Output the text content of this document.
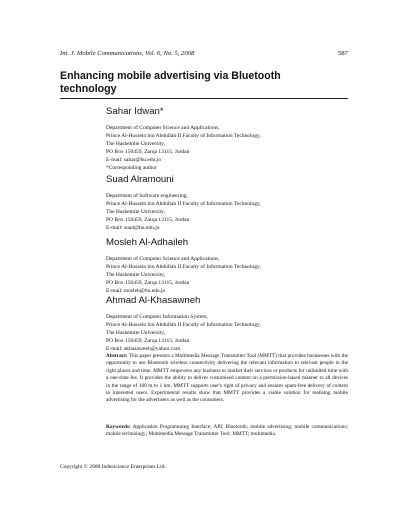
Int. J. Mobile Communications, Vol. 6, No. 5, 2008	587
Enhancing mobile advertising via Bluetooth
technology
Sahar Idwan*
Department of Computer Science and Applications,
Prince Al-Hussein bin Abdullah II Faculty of Information Technology,
The Hashemite University,
PO Box 150459, Zarqa 13115, Jordan
E-mail: sahar@hu.edu.jo
*Corresponding author
Suad Alramouni
Department of Software engineering,
Prince Al-Hussein bin Abdullah II Faculty of Information Technology,
The Hashemite University,
PO Box 150459, Zarqa 13115, Jordan
E-mail: suad@hu.edu.jo
Mosleh Al-Adhaileh
Department of Computer Science and Applications,
Prince Al-Hussein bin Abdullah II Faculty of Information Technology,
The Hashemite University,
PO Box 150459, Zarqa 13115, Jordan
E-mail: mosleh@hu.edu.jo
Ahmad Al-Khasawneh
Department of Computer Information System,
Prince Al-Hussein bin Abdullah II Faculty of Information Technology,
The Hashemite University,
PO Box 150459, Zarqa 13115, Jordan
E-mail: akhasawneh@yahoo.com
Abstract: This paper presents a Multimedia Message Transmitter Tool (MMTT) that provides businesses with the opportunity to use Bluetooth wireless connectivity delivering the relevant information to relevant people in the right places and time. MMTT empowers any business to market their services or products for unlimited time with a one-time fee. It provides the ability to deliver customised content on a permission-based manner to all devices in the range of 100 m to 1 km. MMTT supports user's right of privacy and ensures spam-free delivery of content to interested users. Experimental results show that MMTT provides a viable solution for realising mobile advertising for the advertisers as well as the consumers.
Keywords: Application Programming Interface; API; Bluetooth; mobile advertising; mobile communications; mobile technology; Multimedia Message Transmitter Tool; MMTT; multimedia.
Copyright © 2008 Inderscience Enterprises Ltd.
